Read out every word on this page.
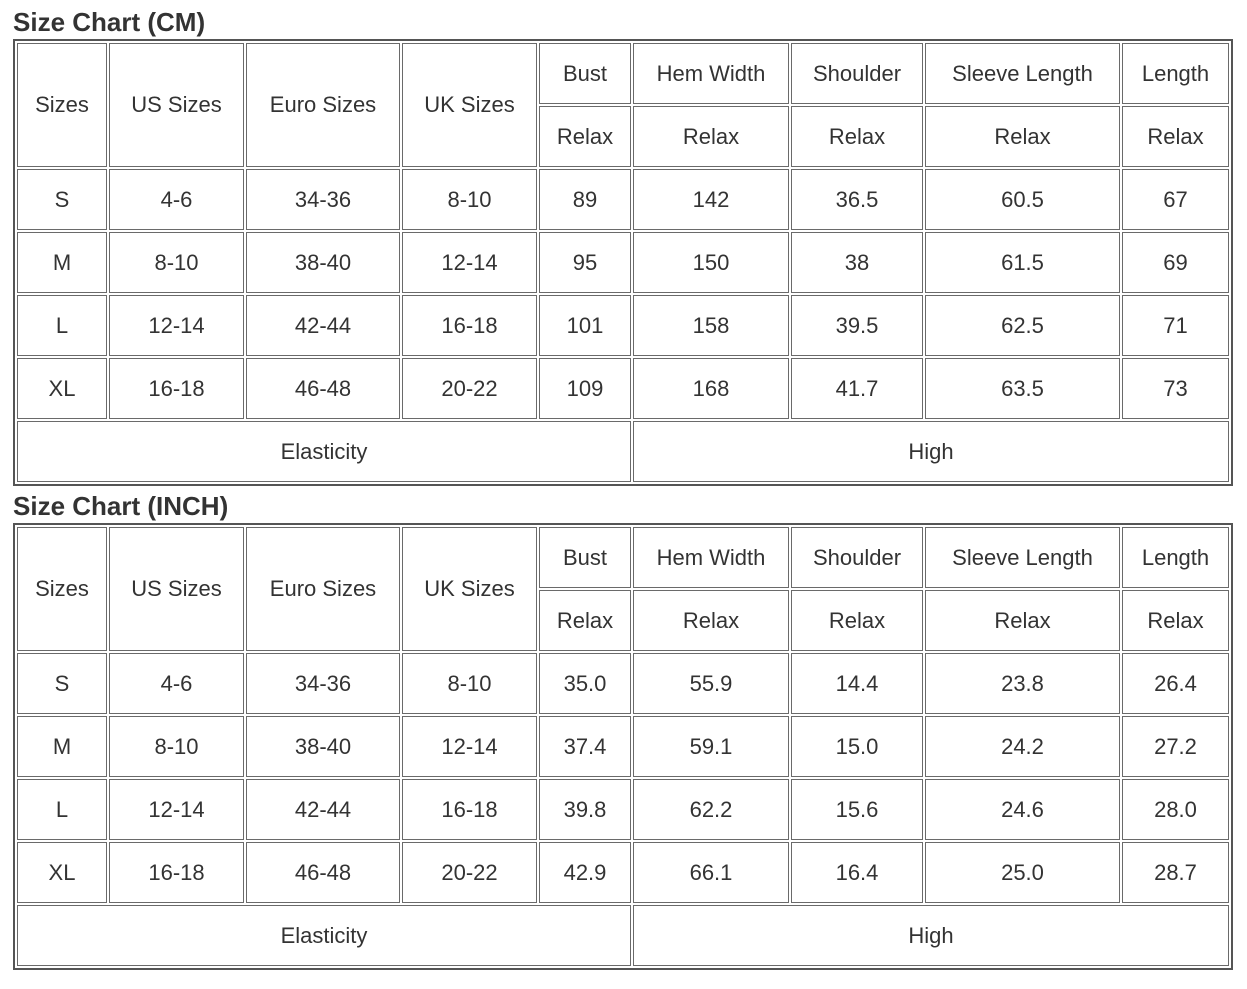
Size Chart (CM)
Sizes	US Sizes	Euro Sizes	UK Sizes	Bust	Hem Width	Shoulder	Sleeve Length	Length
				Relax	Relax	Relax	Relax	Relax
S	4-6	34-36	8-10	89	142	36.5	60.5	67
M	8-10	38-40	12-14	95	150	38	61.5	69
L	12-14	42-44	16-18	101	158	39.5	62.5	71
XL	16-18	46-48	20-22	109	168	41.7	63.5	73
Elasticity					High			
Size Chart (INCH)
Sizes	US Sizes	Euro Sizes	UK Sizes	Bust	Hem Width	Shoulder	Sleeve Length	Length
				Relax	Relax	Relax	Relax	Relax
S	4-6	34-36	8-10	35.0	55.9	14.4	23.8	26.4
M	8-10	38-40	12-14	37.4	59.1	15.0	24.2	27.2
L	12-14	42-44	16-18	39.8	62.2	15.6	24.6	28.0
XL	16-18	46-48	20-22	42.9	66.1	16.4	25.0	28.7
Elasticity					High			
